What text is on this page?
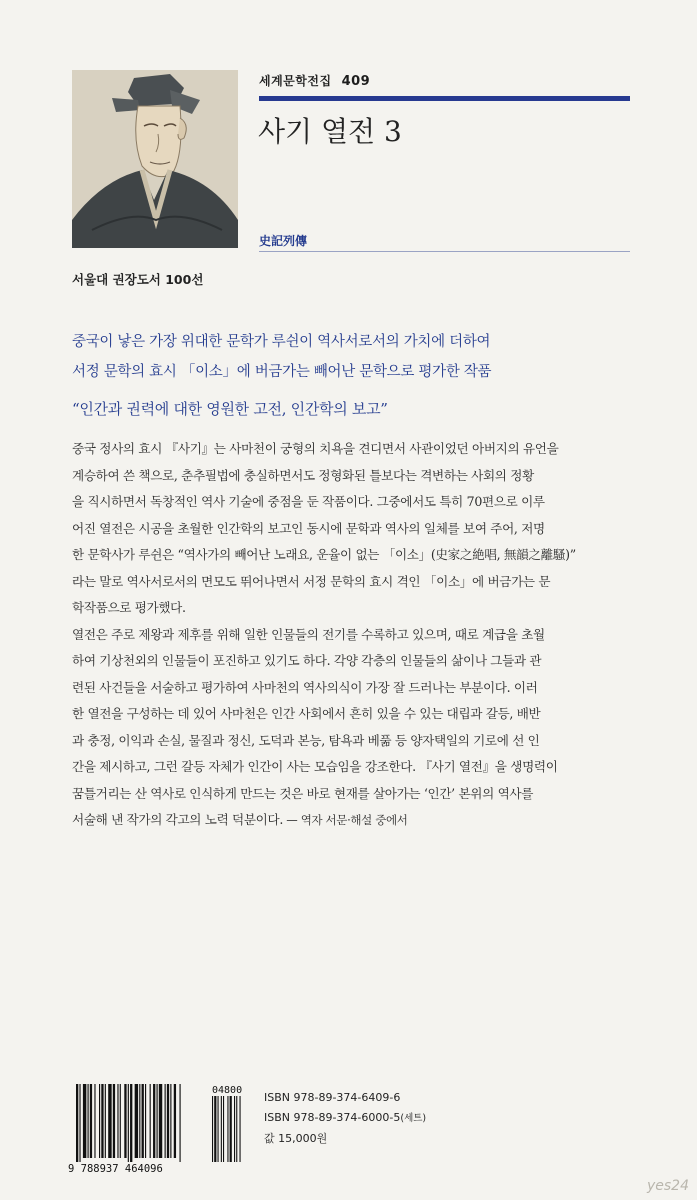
세계문학전집 409
사기 열전 3
史記列傳
서울대 권장도서 100선
중국이 낳은 가장 위대한 문학가 루쉰이 역사서로서의 가치에 더하여
서정 문학의 효시 「이소」에 버금가는 빼어난 문학으로 평가한 작품
“인간과 권력에 대한 영원한 고전, 인간학의 보고”
중국 정사의 효시 『사기』는 사마천이 궁형의 치욕을 견디면서 사관이었던 아버지의 유언을
계승하여 쓴 책으로, 춘추필법에 충실하면서도 정형화된 틀보다는 격변하는 사회의 정황
을 직시하면서 독창적인 역사 기술에 중점을 둔 작품이다. 그중에서도 특히 70편으로 이루
어진 열전은 시공을 초월한 인간학의 보고인 동시에 문학과 역사의 일체를 보여 주어, 저명
한 문학사가 루쉰은 “역사가의 빼어난 노래요, 운율이 없는 「이소」(史家之絶唱, 無韻之離騷)”
라는 말로 역사서로서의 면모도 뛰어나면서 서정 문학의 효시 격인 「이소」에 버금가는 문
학작품으로 평가했다.
열전은 주로 제왕과 제후를 위해 일한 인물들의 전기를 수록하고 있으며, 때로 계급을 초월
하여 기상천외의 인물들이 포진하고 있기도 하다. 각양 각층의 인물들의 삶이나 그들과 관
련된 사건들을 서술하고 평가하여 사마천의 역사의식이 가장 잘 드러나는 부분이다. 이러
한 열전을 구성하는 데 있어 사마천은 인간 사회에서 흔히 있을 수 있는 대립과 갈등, 배반
과 충정, 이익과 손실, 물질과 정신, 도덕과 본능, 탐욕과 베풂 등 양자택일의 기로에 선 인
간을 제시하고, 그런 갈등 자체가 인간이 사는 모습임을 강조한다. 『사기 열전』을 생명력이
꿈틀거리는 산 역사로 인식하게 만드는 것은 바로 현재를 살아가는 ‘인간’ 본위의 역사를
서술해 낸 작가의 각고의 노력 덕분이다. — 역자 서문·해설 중에서
9 788937 464096
04800
ISBN 978-89-374-6409-6
ISBN 978-89-374-6000-5(세트)
값 15,000원
yes24
